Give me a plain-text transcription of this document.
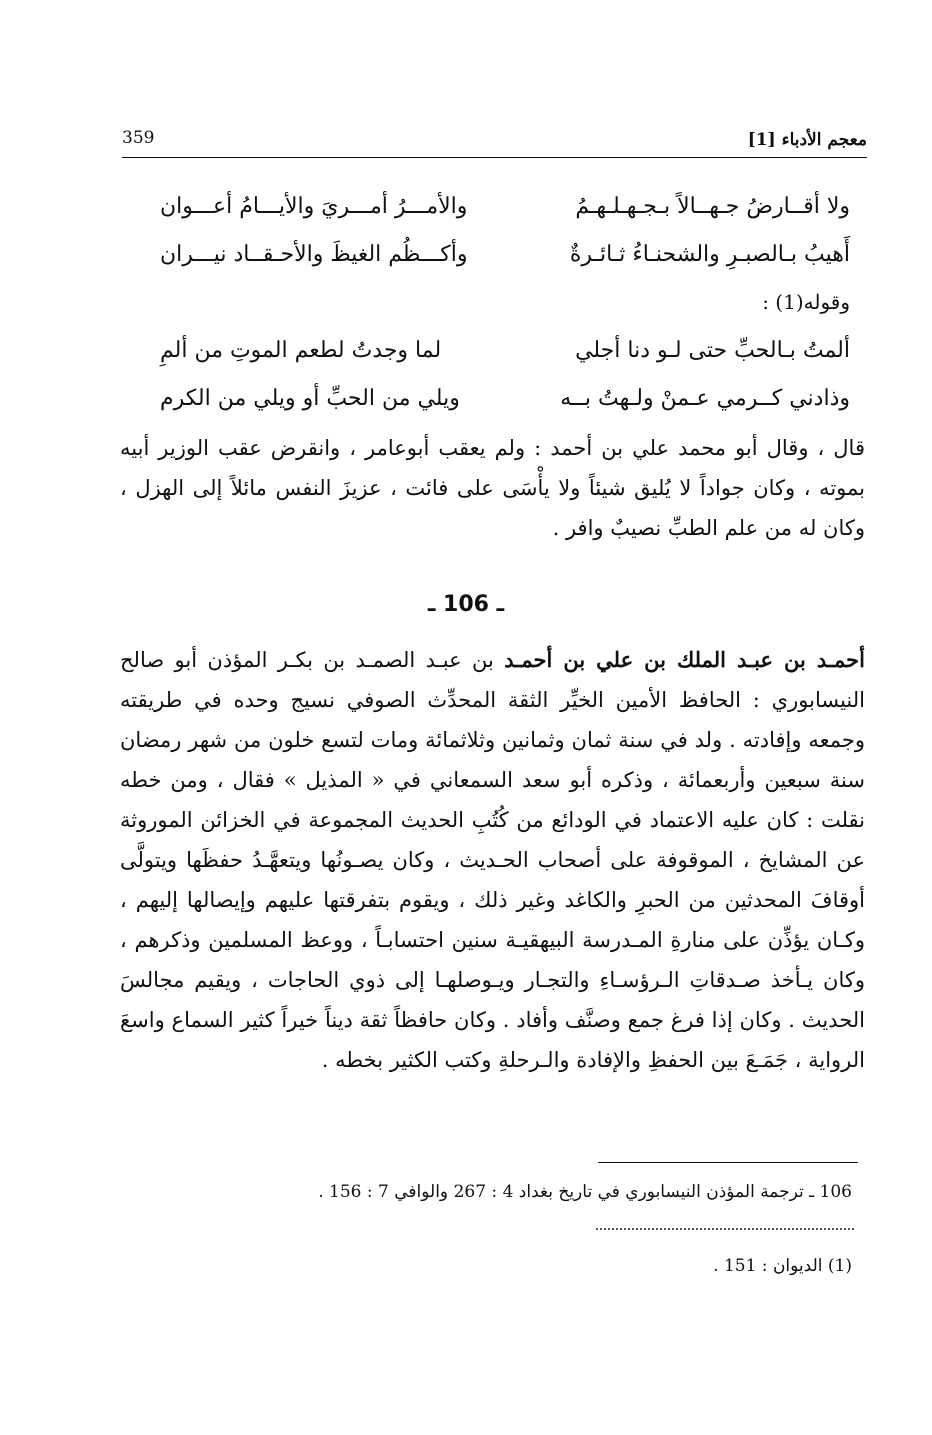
معجم الأدباء [1]
359
ولا أقــارضُ جـهــالاً بـجـهـلـهـمُ
والأمـــرُ أمـــريَ والأيـــامُ أعـــوان
أَهيبُ بـالصبـرِ والشحنـاءُ ثـائـرةٌ
وأكـــظُم الغيظَ والأحـقــاد نيـــران
وقوله(1) :
ألمتُ بـالحبِّ حتى لـو دنا أجلي
لما وجدتُ لطعم الموتِ من ألمِ
وذادني كــرمي عـمنْ ولـهتُ بــه
ويلي من الحبِّ أو ويلي من الكرم
قال ، وقال أبو محمد علي بن أحمد : ولم يعقب أبوعامر ، وانقرض عقب الوزير أبيه بموته ، وكان جواداً لا يُليق شيئاً ولا يأْسَى على فائت ، عزيزَ النفس مائلاً إلى الهزل ، وكان له من علم الطبِّ نصيبٌ وافر .
ـ 106 ـ
أحمـد بن عبـد الملك بن علي بن أحمـد بن عبـد الصمـد بن بكـر المؤذن أبو صالح النيسابوري : الحافظ الأمين الخيِّر الثقة المحدِّث الصوفي نسيج وحده في طريقته وجمعه وإفادته . ولد في سنة ثمان وثمانين وثلاثمائة ومات لتسع خلون من شهر رمضان سنة سبعين وأربعمائة ، وذكره أبو سعد السمعاني في « المذيل » فقال ، ومن خطه نقلت : كان عليه الاعتماد في الودائع من كُتُبِ الحديث المجموعة في الخزائن الموروثة عن المشايخ ، الموقوفة على أصحاب الحـديث ، وكان يصـونُها ويتعهَّـدُ حفظَها ويتولَّى أوقافَ المحدثين من الحبرِ والكاغد وغير ذلك ، ويقوم بتفرقتها عليهم وإيصالها إليهم ، وكـان يؤذِّن على منارةِ المـدرسة البيهقيـة سنين احتسابـاً ، ووعظ المسلمين وذكرهم ، وكان يـأخذ صـدقاتِ الـرؤسـاءِ والتجـار ويـوصلهـا إلى ذوي الحاجات ، ويقيم مجالسَ الحديث . وكان إذا فرغ جمع وصنَّف وأفاد . وكان حافظاً ثقة ديناً خيراً كثير السماع واسعَ الرواية ، جَمَـعَ بين الحفظِ والإفادة والـرحلةِ وكتب الكثير بخطه .
106 ـ ترجمة المؤذن النيسابوري في تاريخ بغداد 4 : 267 والوافي 7 : 156 .
(1) الديوان : 151 .
